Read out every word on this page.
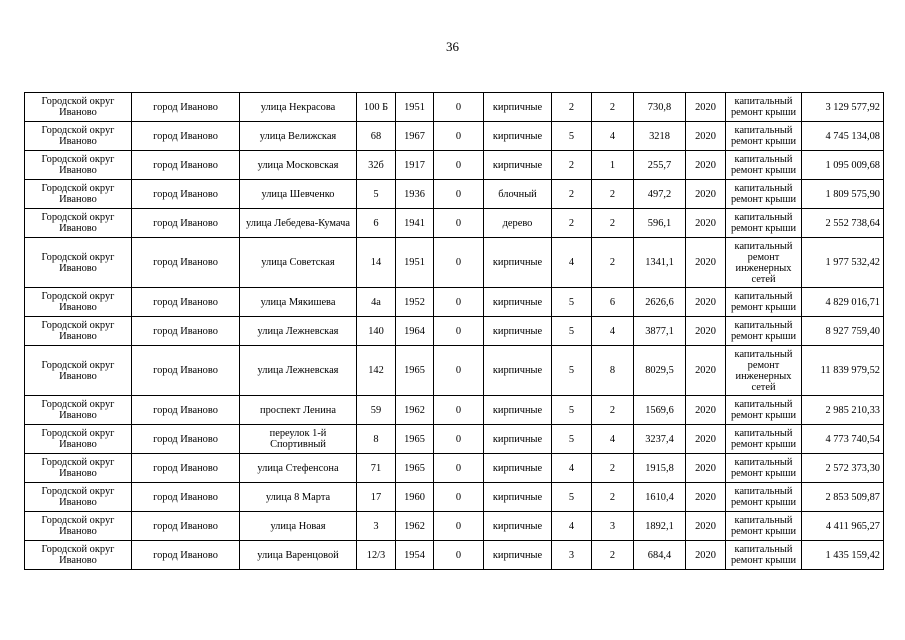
36
Городской округ Иваново	город Иваново	улица Некрасова	100 Б	1951	0	кирпичные	2	2	730,8	2020	капитальный ремонт крыши	3 129 577,92
Городской округ Иваново	город Иваново	улица Велижская	68	1967	0	кирпичные	5	4	3218	2020	капитальный ремонт крыши	4 745 134,08
Городской округ Иваново	город Иваново	улица Московская	32б	1917	0	кирпичные	2	1	255,7	2020	капитальный ремонт крыши	1 095 009,68
Городской округ Иваново	город Иваново	улица Шевченко	5	1936	0	блочный	2	2	497,2	2020	капитальный ремонт крыши	1 809 575,90
Городской округ Иваново	город Иваново	улица Лебедева-Кумача	6	1941	0	дерево	2	2	596,1	2020	капитальный ремонт крыши	2 552 738,64
Городской округ Иваново	город Иваново	улица Советская	14	1951	0	кирпичные	4	2	1341,1	2020	капитальный ремонт инженерных сетей	1 977 532,42
Городской округ Иваново	город Иваново	улица Мякишева	4а	1952	0	кирпичные	5	6	2626,6	2020	капитальный ремонт крыши	4 829 016,71
Городской округ Иваново	город Иваново	улица Лежневская	140	1964	0	кирпичные	5	4	3877,1	2020	капитальный ремонт крыши	8 927 759,40
Городской округ Иваново	город Иваново	улица Лежневская	142	1965	0	кирпичные	5	8	8029,5	2020	капитальный ремонт инженерных сетей	11 839 979,52
Городской округ Иваново	город Иваново	проспект Ленина	59	1962	0	кирпичные	5	2	1569,6	2020	капитальный ремонт крыши	2 985 210,33
Городской округ Иваново	город Иваново	переулок 1-й Спортивный	8	1965	0	кирпичные	5	4	3237,4	2020	капитальный ремонт крыши	4 773 740,54
Городской округ Иваново	город Иваново	улица Стефенсона	71	1965	0	кирпичные	4	2	1915,8	2020	капитальный ремонт крыши	2 572 373,30
Городской округ Иваново	город Иваново	улица 8 Марта	17	1960	0	кирпичные	5	2	1610,4	2020	капитальный ремонт крыши	2 853 509,87
Городской округ Иваново	город Иваново	улица Новая	3	1962	0	кирпичные	4	3	1892,1	2020	капитальный ремонт крыши	4 411 965,27
Городской округ Иваново	город Иваново	улица Варенцовой	12/3	1954	0	кирпичные	3	2	684,4	2020	капитальный ремонт крыши	1 435 159,42
